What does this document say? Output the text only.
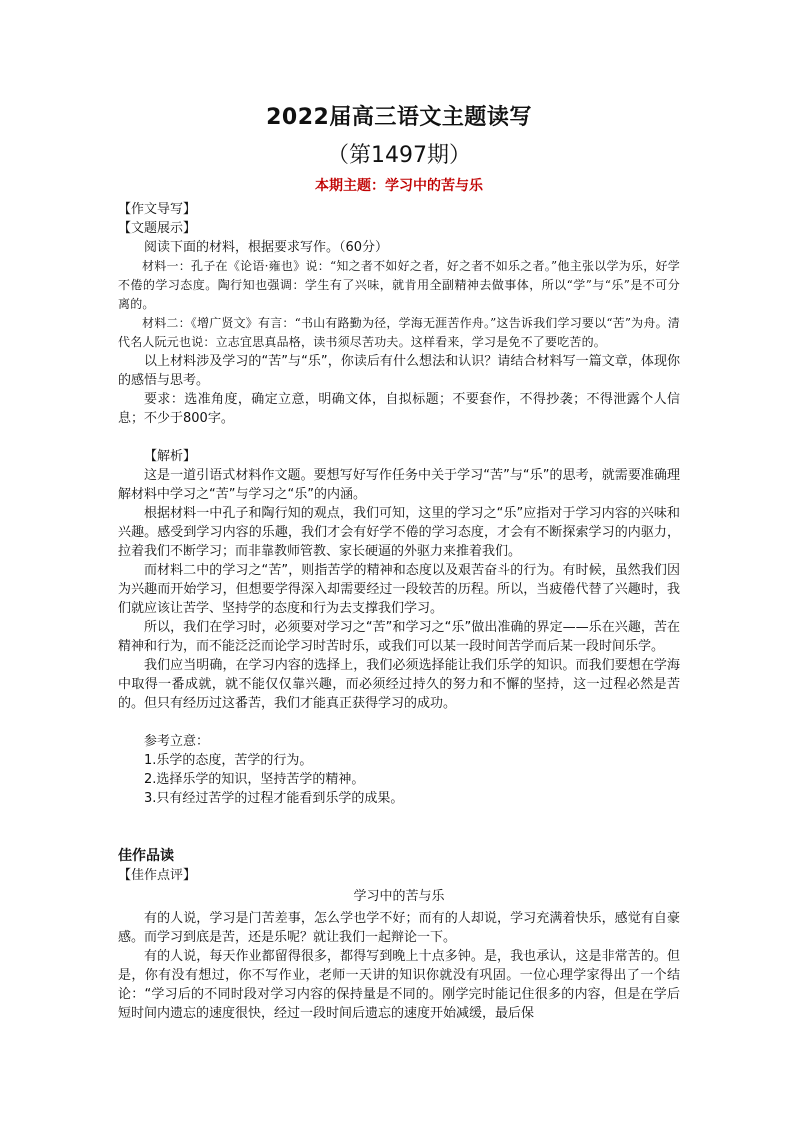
2022届高三语文主题读写
（第1497期）
本期主题：学习中的苦与乐
【作文导写】
【文题展示】
阅读下面的材料，根据要求写作。（60分）
材料一：孔子在《论语·雍也》说：“知之者不如好之者，好之者不如乐之者。”他主张以学为乐，好学不倦的学习态度。陶行知也强调：学生有了兴味，就肯用全副精神去做事体，所以“学”与“乐”是不可分离的。
材料二：《增广贤文》有言：“书山有路勤为径，学海无涯苦作舟。”这告诉我们学习要以“苦”为舟。清代名人阮元也说：立志宜思真品格，读书须尽苦功夫。这样看来，学习是免不了要吃苦的。
以上材料涉及学习的“苦”与“乐”，你读后有什么想法和认识？请结合材料写一篇文章，体现你的感悟与思考。
要求：选准角度，确定立意，明确文体，自拟标题；不要套作，不得抄袭；不得泄露个人信息；不少于800字。
【解析】
这是一道引语式材料作文题。要想写好写作任务中关于学习“苦”与“乐”的思考，就需要准确理解材料中学习之“苦”与学习之“乐”的内涵。
根据材料一中孔子和陶行知的观点，我们可知，这里的学习之“乐”应指对于学习内容的兴味和兴趣。感受到学习内容的乐趣，我们才会有好学不倦的学习态度，才会有不断探索学习的内驱力，拉着我们不断学习；而非靠教师管教、家长硬逼的外驱力来推着我们。
而材料二中的学习之“苦”，则指苦学的精神和态度以及艰苦奋斗的行为。有时候，虽然我们因为兴趣而开始学习，但想要学得深入却需要经过一段较苦的历程。所以，当疲倦代替了兴趣时，我们就应该让苦学、坚持学的态度和行为去支撑我们学习。
所以，我们在学习时，必须要对学习之“苦”和学习之“乐”做出准确的界定——乐在兴趣，苦在精神和行为，而不能泛泛而论学习时苦时乐，或我们可以某一段时间苦学而后某一段时间乐学。
我们应当明确，在学习内容的选择上，我们必须选择能让我们乐学的知识。而我们要想在学海中取得一番成就，就不能仅仅靠兴趣，而必须经过持久的努力和不懈的坚持，这一过程必然是苦的。但只有经历过这番苦，我们才能真正获得学习的成功。
参考立意：
1.乐学的态度，苦学的行为。
2.选择乐学的知识，坚持苦学的精神。
3.只有经过苦学的过程才能看到乐学的成果。
佳作品读
【佳作点评】
学习中的苦与乐
有的人说，学习是门苦差事，怎么学也学不好；而有的人却说，学习充满着快乐，感觉有自豪感。而学习到底是苦，还是乐呢？就让我们一起辩论一下。
有的人说，每天作业都留得很多，都得写到晚上十点多钟。是，我也承认，这是非常苦的。但是，你有没有想过，你不写作业，老师一天讲的知识你就没有巩固。一位心理学家得出了一个结论：“学习后的不同时段对学习内容的保持量是不同的。刚学完时能记住很多的内容，但是在学后短时间内遗忘的速度很快，经过一段时间后遗忘的速度开始减缓，最后保
